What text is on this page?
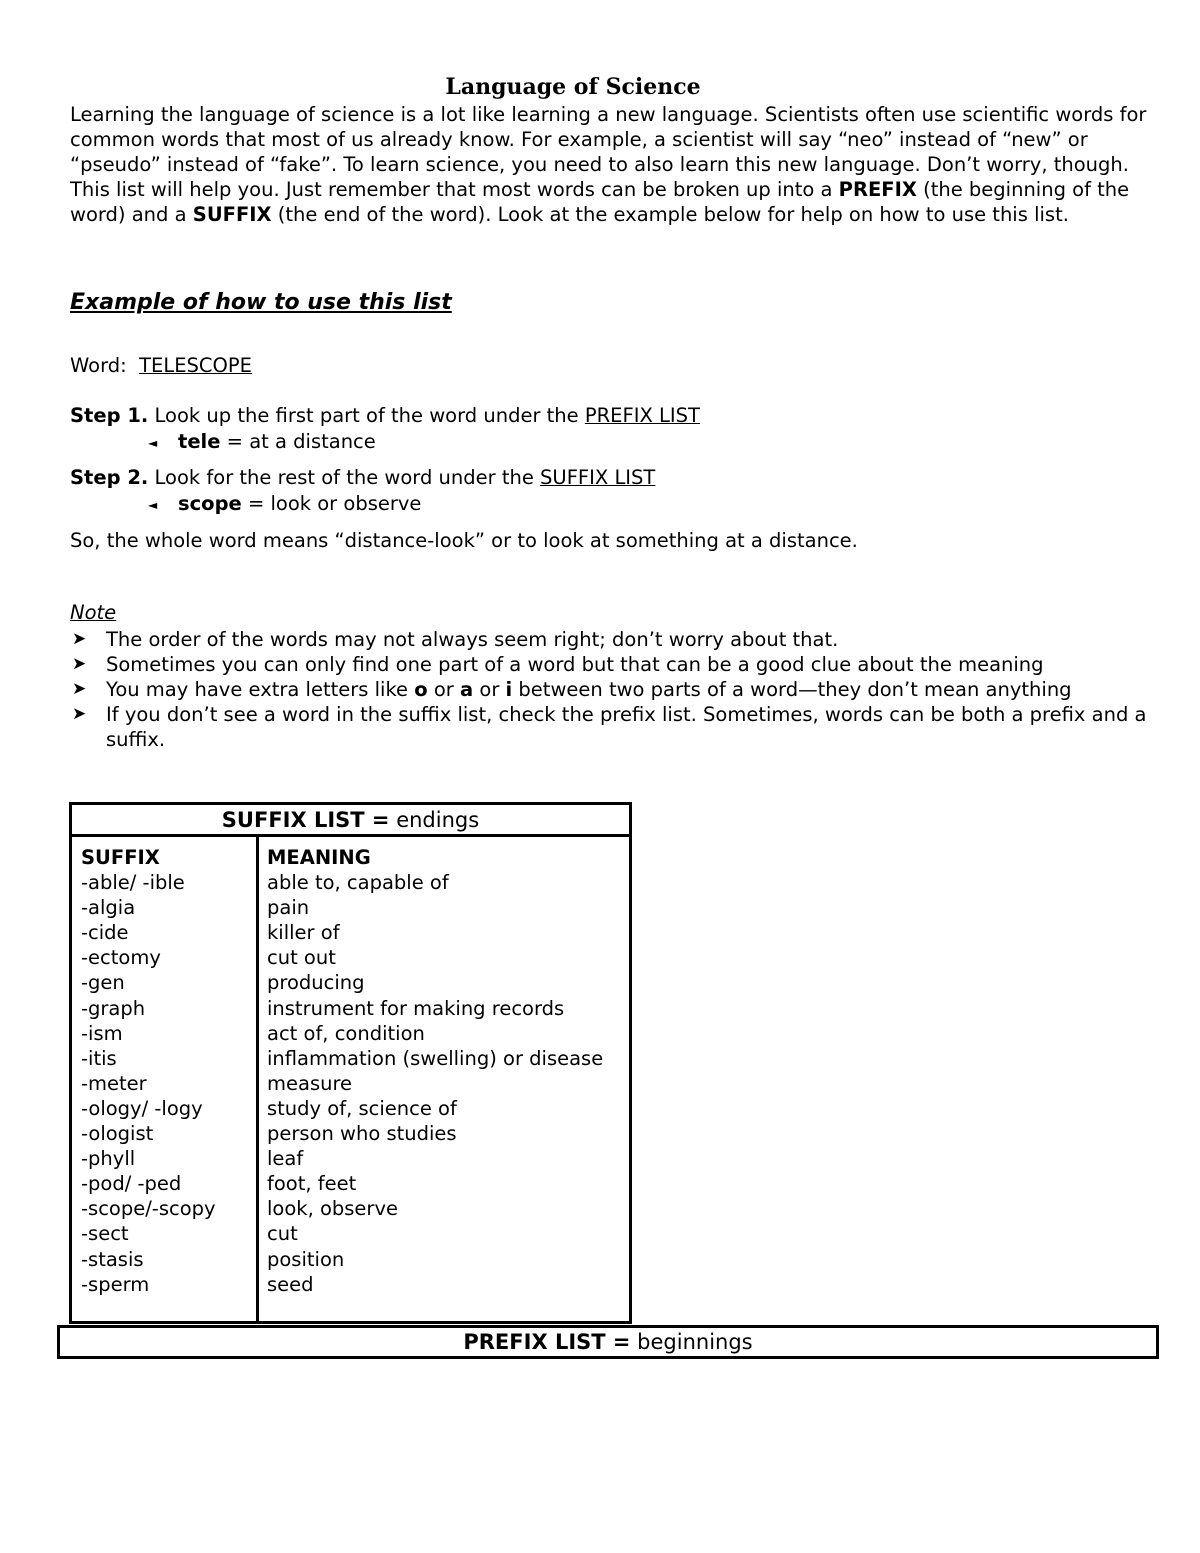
Language of Science

Learning the language of science is a lot like learning a new language. Scientists often use scientific words for common words that most of us already know. For example, a scientist will say “neo” instead of “new” or “pseudo” instead of “fake”. To learn science, you need to also learn this new language. Don’t worry, though. This list will help you. Just remember that most words can be broken up into a PREFIX (the beginning of the word) and a SUFFIX (the end of the word). Look at the example below for help on how to use this list.

Example of how to use this list
Word: TELESCOPE
Step 1. Look up the first part of the word under the PREFIX LIST
◄ tele = at a distance
Step 2. Look for the rest of the word under the SUFFIX LIST
◄ scope = look or observe
So, the whole word means “distance-look” or to look at something at a distance.
Note
➤ The order of the words may not always seem right; don’t worry about that.
➤ Sometimes you can only find one part of a word but that can be a good clue about the meaning
➤ You may have extra letters like o or a or i between two parts of a word—they don’t mean anything
➤ If you don’t see a word in the suffix list, check the prefix list. Sometimes, words can be both a prefix and a suffix.
SUFFIX LIST = endings
SUFFIX
-able/ -ible
-algia
-cide
-ectomy
-gen
-graph
-ism
-itis
-meter
-ology/ -logy
-ologist
-phyll
-pod/ -ped
-scope/-scopy
-sect
-stasis
-sperm
MEANING
able to, capable of
pain
killer of
cut out
producing
instrument for making records
act of, condition
inflammation (swelling) or disease
measure
study of, science of
person who studies
leaf
foot, feet
look, observe
cut
position
seed
PREFIX LIST = beginnings
